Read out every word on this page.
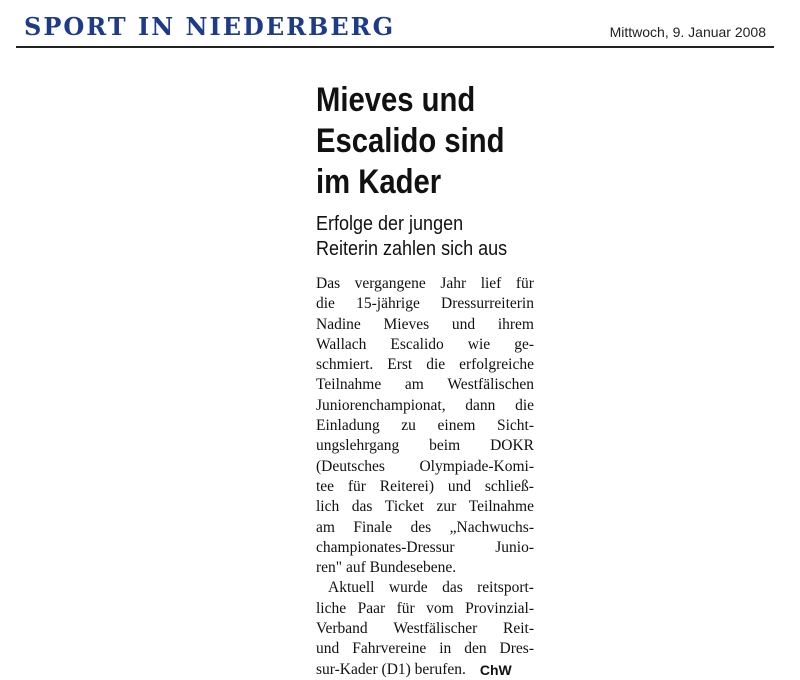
SPORT IN NIEDERBERG	Mittwoch, 9. Januar 2008
Mieves und
Escalido sind
im Kader
Erfolge der jungen
Reiterin zahlen sich aus
Das vergangene Jahr lief für
die 15-jährige Dressurreiterin
Nadine Mieves und ihrem
Wallach Escalido wie ge-
schmiert. Erst die erfolgreiche
Teilnahme am Westfälischen
Juniorenchampionat, dann die
Einladung zu einem Sicht-
ungslehrgang beim DOKR
(Deutsches Olympiade-Komi-
tee für Reiterei) und schließ-
lich das Ticket zur Teilnahme
am Finale des „Nachwuchs-
championates-Dressur	Junio-
ren" auf Bundesebene.
Aktuell wurde das reitsport-
liche Paar für vom Provinzial-
Verband Westfälischer Reit-
und Fahrvereine in den Dres-
sur-Kader (D1) berufen. ChW
